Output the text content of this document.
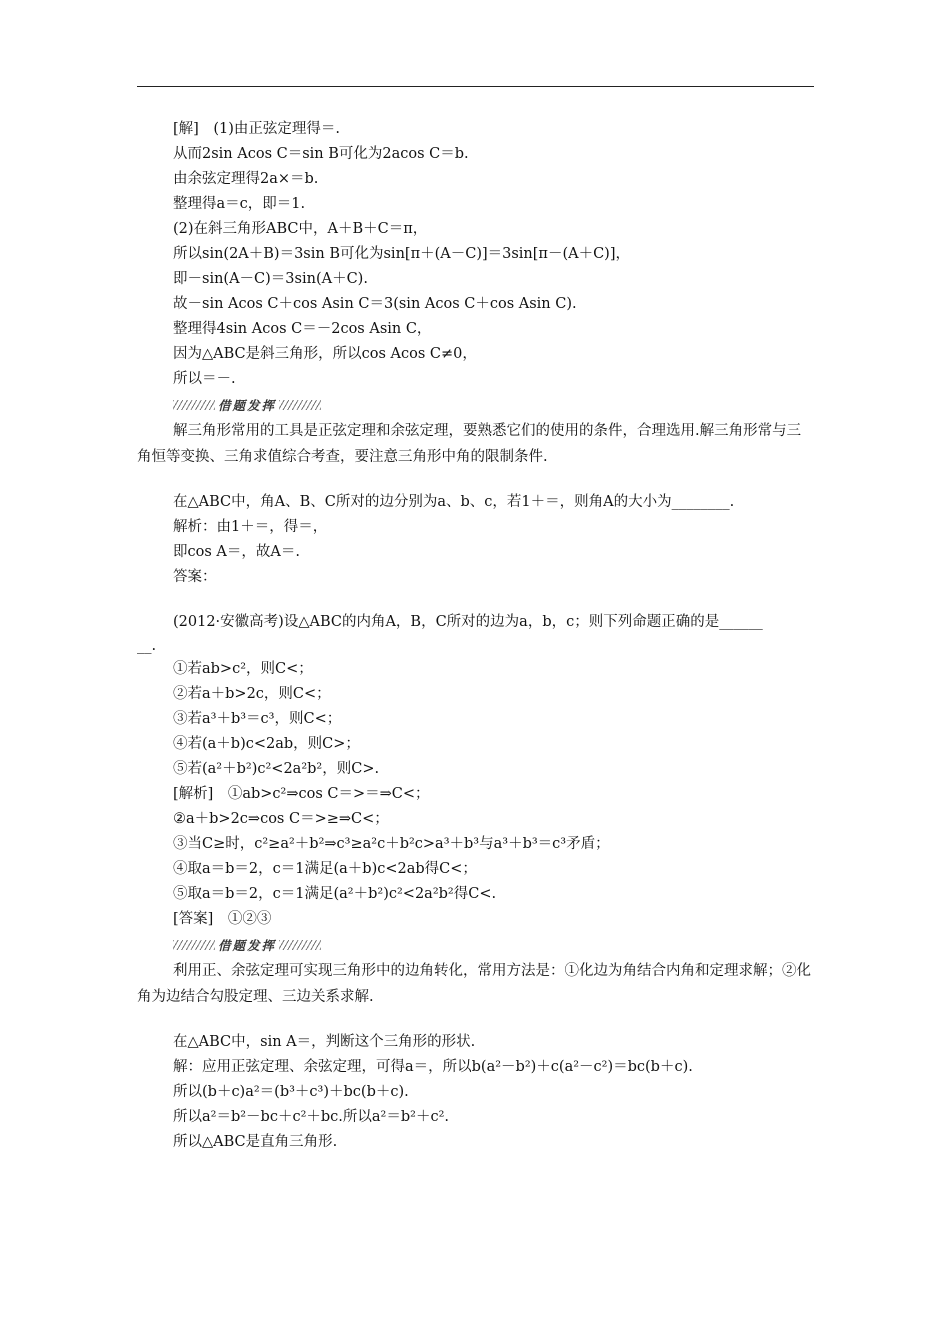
[解]　(1)由正弦定理得＝.
从而2sin Acos C＝sin B可化为2acos C＝b.
由余弦定理得2a×＝b.
整理得a＝c，即＝1.
(2)在斜三角形ABC中，A＋B＋C＝π，
所以sin(2A＋B)＝3sin B可化为sin[π＋(A－C)]＝3sin[π－(A＋C)]，
即－sin(A－C)＝3sin(A＋C).
故－sin Acos C＋cos Asin C＝3(sin Acos C＋cos Asin C).
整理得4sin Acos C＝－2cos Asin C，
因为△ABC是斜三角形，所以cos Acos C≠0，
所以＝－.
借题发挥
解三角形常用的工具是正弦定理和余弦定理，要熟悉它们的使用的条件，合理选用.解三角形常与三角恒等变换、三角求值综合考查，要注意三角形中角的限制条件.
在△ABC中，角A、B、C所对的边分别为a、b、c，若1＋＝，则角A的大小为________.
解析：由1＋＝，得＝，
即cos A＝，故A＝.
答案：
(2012·安徽高考)设△ABC的内角A，B，C所对的边为a，b，c；则下列命题正确的是______
__.
①若ab>c²，则C<；
②若a＋b>2c，则C<；
③若a³＋b³＝c³，则C<；
④若(a＋b)c<2ab，则C>；
⑤若(a²＋b²)c²<2a²b²，则C>.
[解析]　①ab>c²⇒cos C＝>＝⇒C<；
②a＋b>2c⇒cos C＝>≥⇒C<；
③当C≥时，c²≥a²＋b²⇒c³≥a²c＋b²c>a³＋b³与a³＋b³＝c³矛盾；
④取a＝b＝2，c＝1满足(a＋b)c<2ab得C<；
⑤取a＝b＝2，c＝1满足(a²＋b²)c²<2a²b²得C<.
[答案]　①②③
借题发挥
利用正、余弦定理可实现三角形中的边角转化，常用方法是：①化边为角结合内角和定理求解；②化角为边结合勾股定理、三边关系求解.
在△ABC中，sin A＝，判断这个三角形的形状.
解：应用正弦定理、余弦定理，可得a＝，所以b(a²－b²)＋c(a²－c²)＝bc(b＋c).
所以(b＋c)a²＝(b³＋c³)＋bc(b＋c).
所以a²＝b²－bc＋c²＋bc.所以a²＝b²＋c².
所以△ABC是直角三角形.
